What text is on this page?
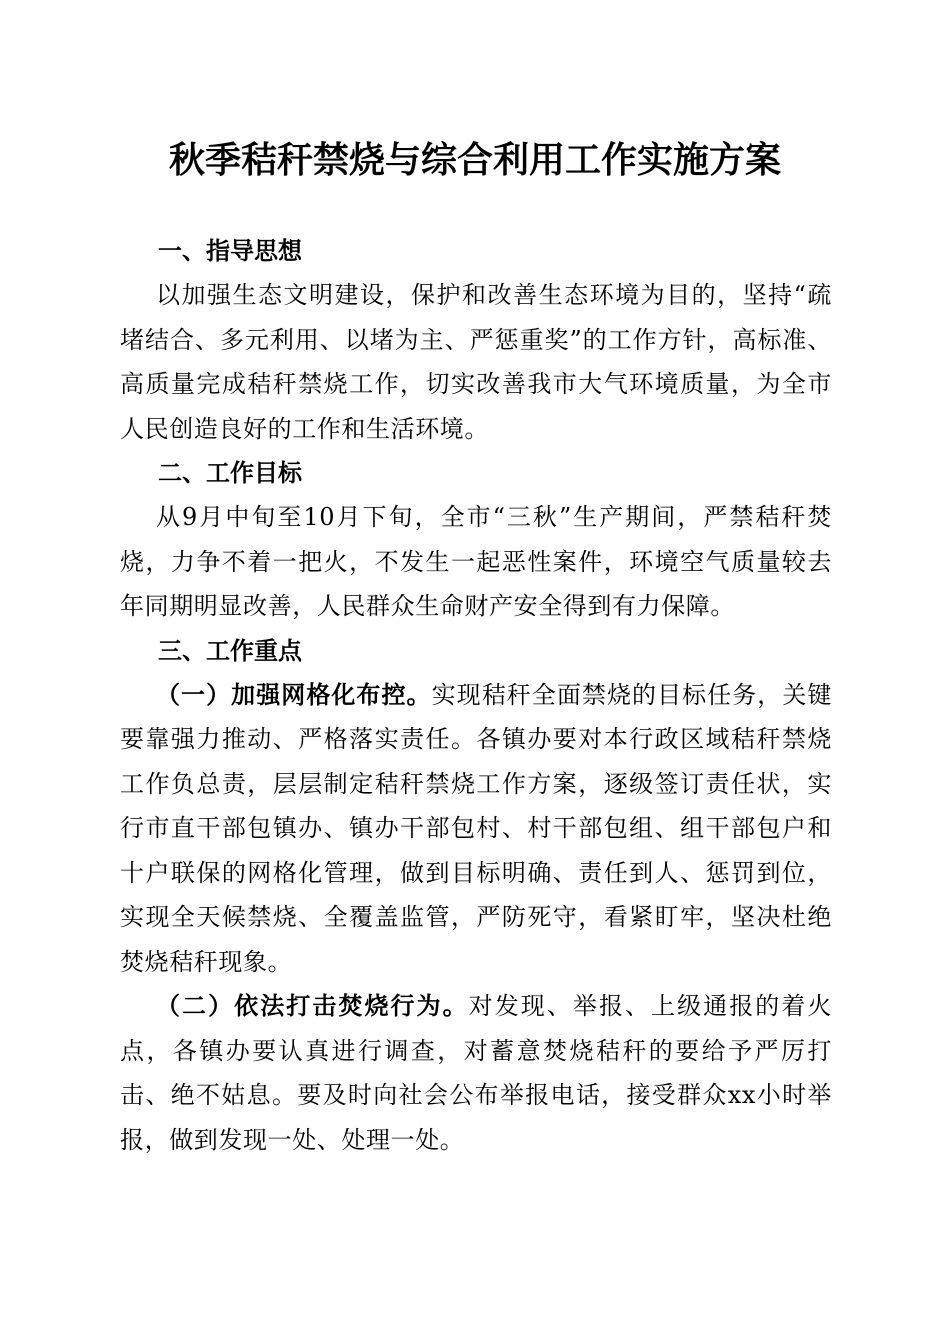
秋季秸秆禁烧与综合利用工作实施方案
一、指导思想

以加强生态文明建设，保护和改善生态环境为目的，坚持“疏堵结合、多元利用、以堵为主、严惩重奖”的工作方针，高标准、高质量完成秸秆禁烧工作，切实改善我市大气环境质量，为全市人民创造良好的工作和生活环境。

二、工作目标

从9月中旬至10月下旬，全市“三秋”生产期间，严禁秸秆焚烧，力争不着一把火，不发生一起恶性案件，环境空气质量较去年同期明显改善，人民群众生命财产安全得到有力保障。

三、工作重点

（一）加强网格化布控。实现秸秆全面禁烧的目标任务，关键要靠强力推动、严格落实责任。各镇办要对本行政区域秸秆禁烧工作负总责，层层制定秸秆禁烧工作方案，逐级签订责任状，实行市直干部包镇办、镇办干部包村、村干部包组、组干部包户和十户联保的网格化管理，做到目标明确、责任到人、惩罚到位，实现全天候禁烧、全覆盖监管，严防死守，看紧盯牢，坚决杜绝焚烧秸秆现象。

（二）依法打击焚烧行为。对发现、举报、上级通报的着火点，各镇办要认真进行调查，对蓄意焚烧秸秆的要给予严厉打击、绝不姑息。要及时向社会公布举报电话，接受群众xx小时举报，做到发现一处、处理一处。
